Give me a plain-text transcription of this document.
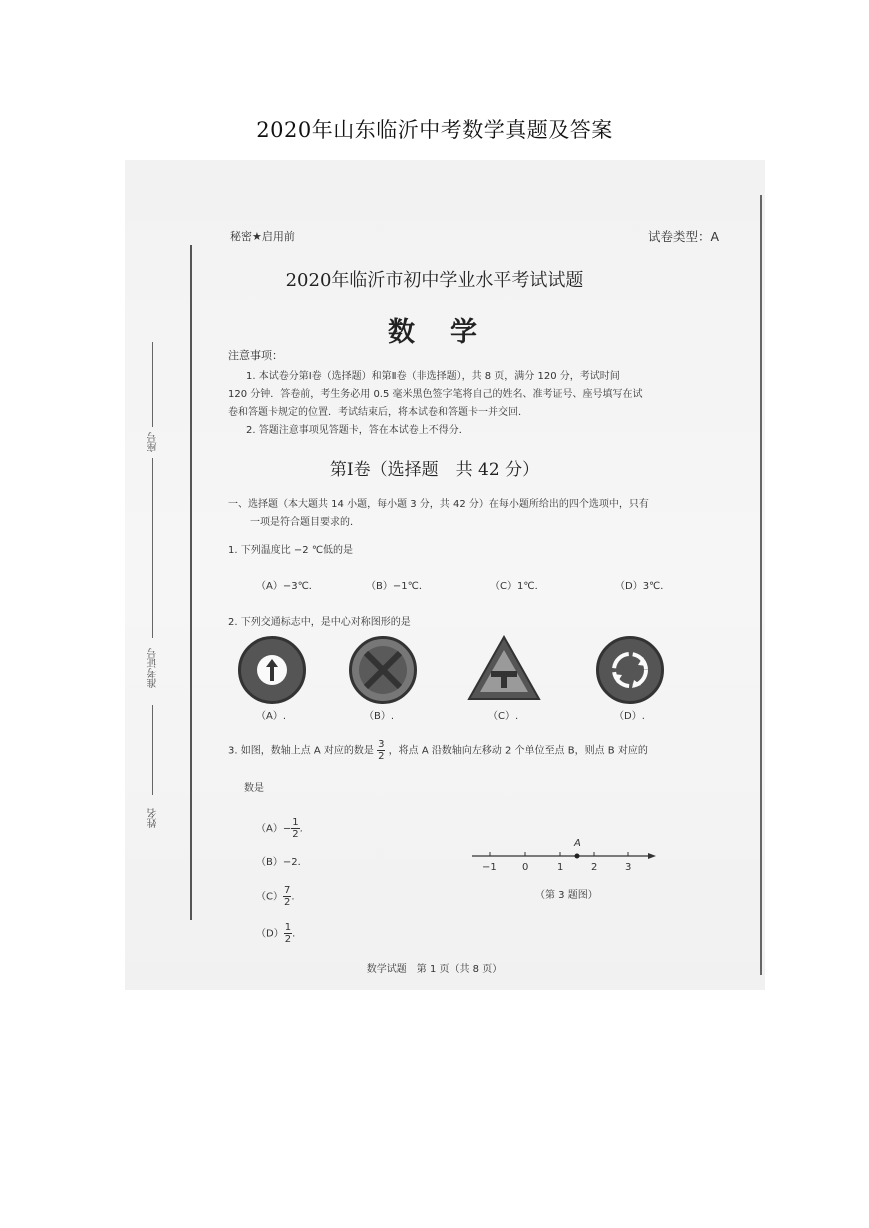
2020年山东临沂中考数学真题及答案
座号
准考证号
姓名
秘密★启用前	试卷类型：A
2020年临沂市初中学业水平考试试题
数　学
注意事项：
1. 本试卷分第Ⅰ卷（选择题）和第Ⅱ卷（非选择题），共 8 页，满分 120 分，考试时间
120 分钟．答卷前，考生务必用 0.5 毫米黑色签字笔将自己的姓名、准考证号、座号填写在试
卷和答题卡规定的位置．考试结束后，将本试卷和答题卡一并交回．
2. 答题注意事项见答题卡，答在本试卷上不得分．
第Ⅰ卷（选择题　共 42 分）
一、选择题（本大题共 14 小题，每小题 3 分，共 42 分）在每小题所给出的四个选项中，只有
一项是符合题目要求的．
1. 下列温度比 −2 ℃低的是
（A）−3℃．	（B）−1℃．	（C）1℃．	（D）3℃．
2. 下列交通标志中，是中心对称图形的是
（A）.	（B）.	（C）.	（D）.
3. 如图，数轴上点 A 对应的数是 $\frac{3}{2}$ ，将点 A 沿数轴向左移动 2 个单位至点 B，则点 B 对应的
数是
$(A)- \frac{1}{2}$ .
（B）−2．
$(C) \frac{7}{2}$ .
$(D) \frac{1}{2}$ .
A
−1	0	1	2	3
（第 3 题图）
数学试题　第 1 页（共 8 页）
